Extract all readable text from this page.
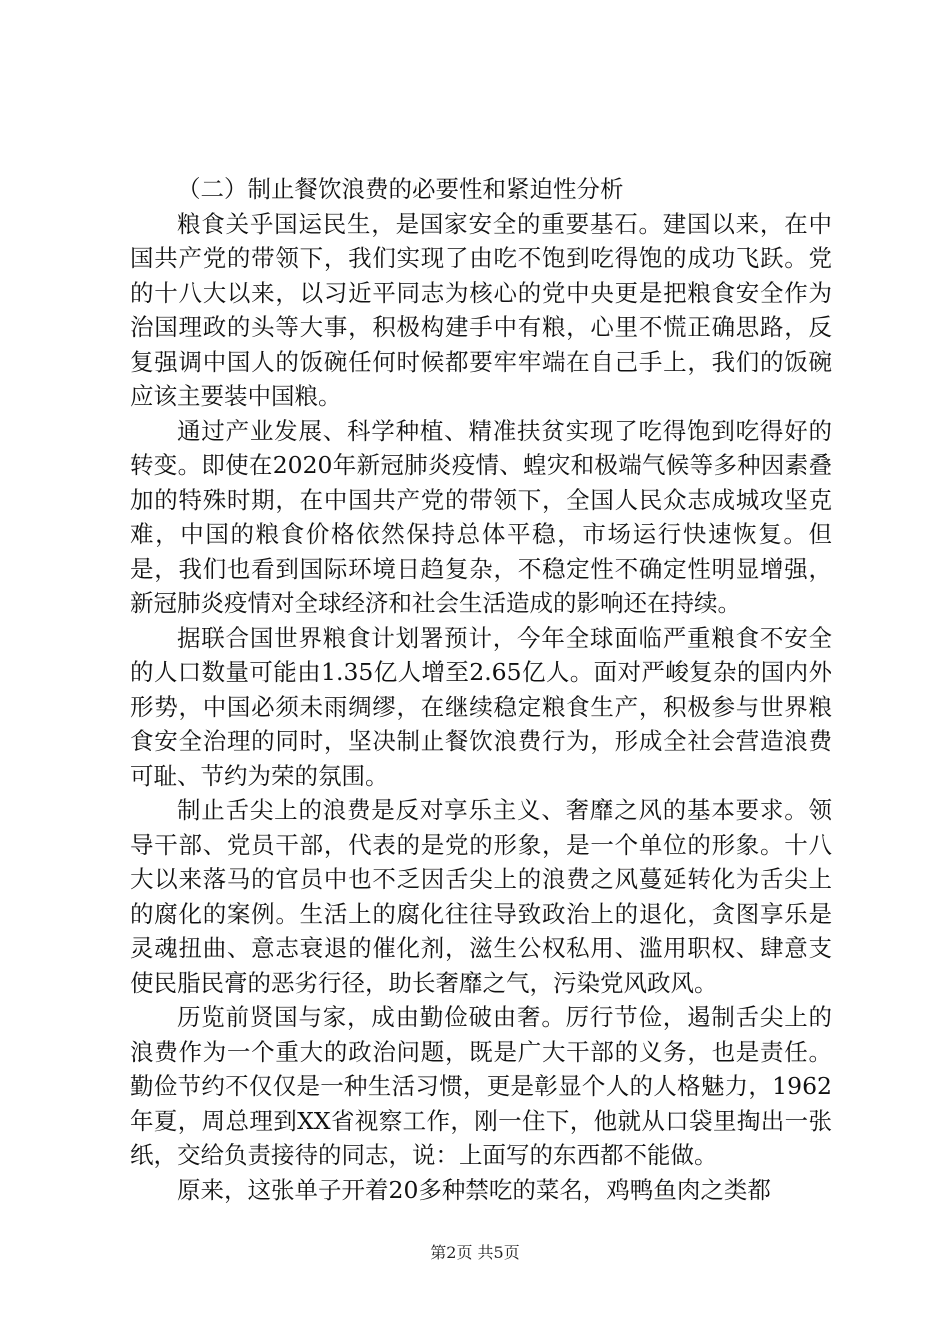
（二）制止餐饮浪费的必要性和紧迫性分析

粮食关乎国运民生，是国家安全的重要基石。建国以来，在中国共产党的带领下，我们实现了由吃不饱到吃得饱的成功飞跃。党的十八大以来，以习近平同志为核心的党中央更是把粮食安全作为治国理政的头等大事，积极构建手中有粮，心里不慌正确思路，反复强调中国人的饭碗任何时候都要牢牢端在自己手上，我们的饭碗应该主要装中国粮。

通过产业发展、科学种植、精准扶贫实现了吃得饱到吃得好的转变。即使在2020年新冠肺炎疫情、蝗灾和极端气候等多种因素叠加的特殊时期，在中国共产党的带领下，全国人民众志成城攻坚克难，中国的粮食价格依然保持总体平稳，市场运行快速恢复。但是，我们也看到国际环境日趋复杂，不稳定性不确定性明显增强，新冠肺炎疫情对全球经济和社会生活造成的影响还在持续。

据联合国世界粮食计划署预计，今年全球面临严重粮食不安全的人口数量可能由1.35亿人增至2.65亿人。面对严峻复杂的国内外形势，中国必须未雨绸缪，在继续稳定粮食生产，积极参与世界粮食安全治理的同时，坚决制止餐饮浪费行为，形成全社会营造浪费可耻、节约为荣的氛围。

制止舌尖上的浪费是反对享乐主义、奢靡之风的基本要求。领导干部、党员干部，代表的是党的形象，是一个单位的形象。十八大以来落马的官员中也不乏因舌尖上的浪费之风蔓延转化为舌尖上的腐化的案例。生活上的腐化往往导致政治上的退化，贪图享乐是灵魂扭曲、意志衰退的催化剂，滋生公权私用、滥用职权、肆意支使民脂民膏的恶劣行径，助长奢靡之气，污染党风政风。

历览前贤国与家，成由勤俭破由奢。厉行节俭，遏制舌尖上的浪费作为一个重大的政治问题，既是广大干部的义务，也是责任。勤俭节约不仅仅是一种生活习惯，更是彰显个人的人格魅力，1962年夏，周总理到XX省视察工作，刚一住下，他就从口袋里掏出一张纸，交给负责接待的同志，说：上面写的东西都不能做。

原来，这张单子开着20多种禁吃的菜名，鸡鸭鱼肉之类都

第2页 共5页
